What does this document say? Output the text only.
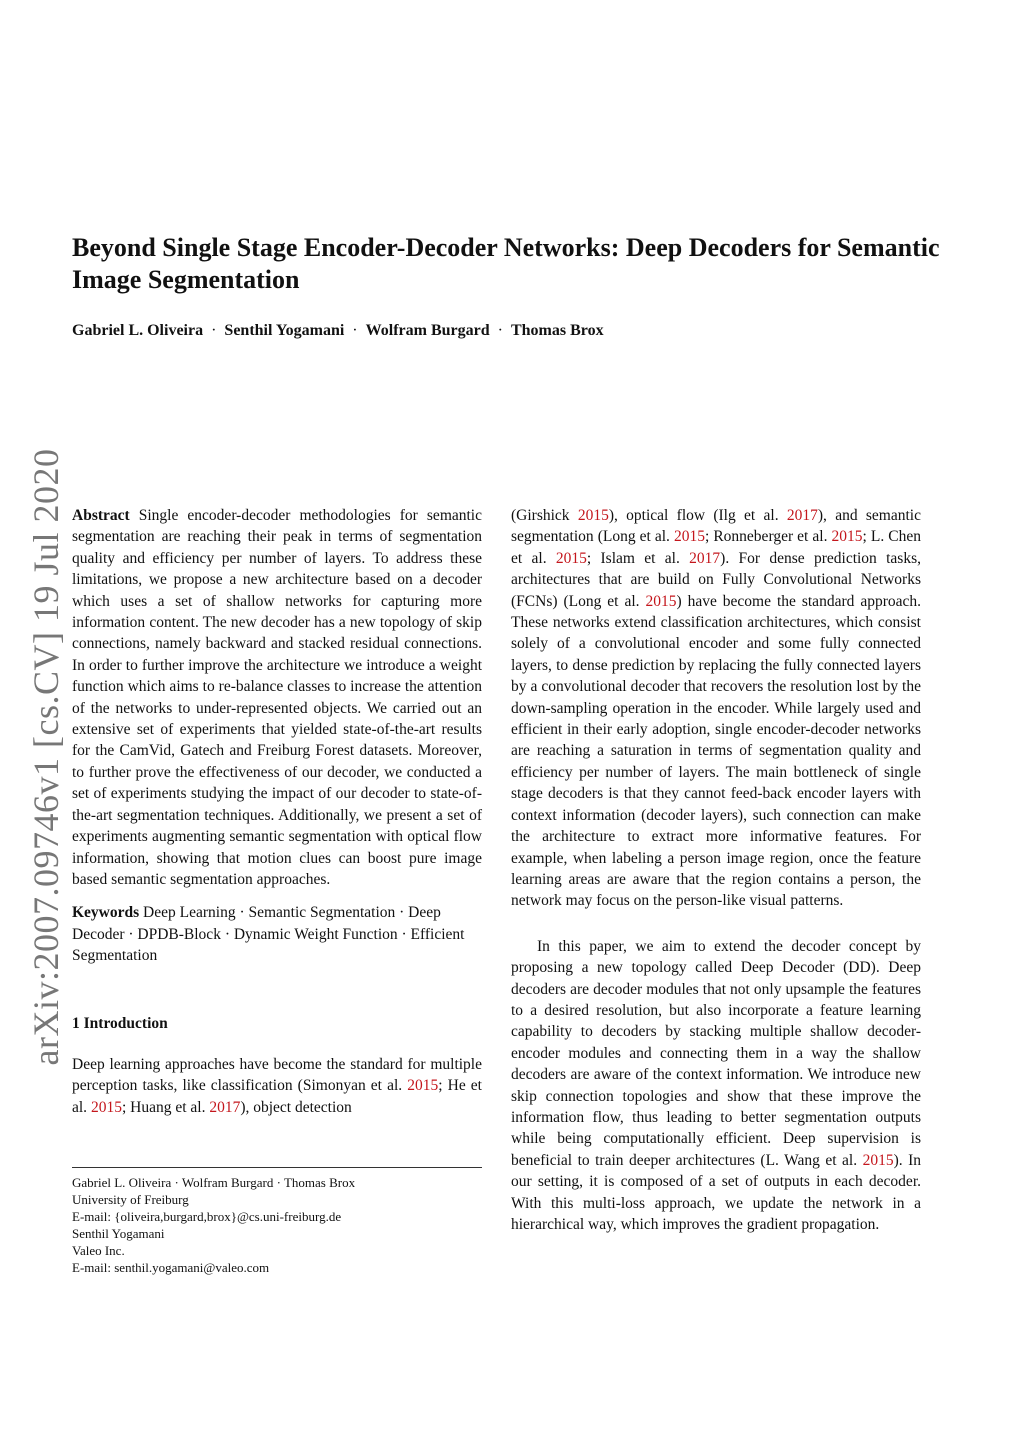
Beyond Single Stage Encoder-Decoder Networks: Deep Decoders for Semantic Image Segmentation
Gabriel L. Oliveira · Senthil Yogamani · Wolfram Burgard · Thomas Brox
arXiv:2007.09746v1 [cs.CV] 19 Jul 2020 Abstract Single encoder-decoder methodologies for semantic segmentation are reaching their peak in terms of segmentation quality and efficiency per number of layers. To address these limitations, we propose a new architecture based on a decoder which uses a set of shallow networks for capturing more information content. The new decoder has a new topology of skip connections, namely backward and stacked residual connections. In order to further improve the architecture we introduce a weight function which aims to re-balance classes to increase the attention of the networks to under-represented objects. We carried out an extensive set of experiments that yielded state-of-the-art results for the CamVid, Gatech and Freiburg Forest datasets. Moreover, to further prove the effectiveness of our decoder, we conducted a set of experiments studying the impact of our decoder to state-of-the-art segmentation techniques. Additionally, we present a set of experiments augmenting semantic segmentation with optical flow information, showing that motion clues can boost pure image based semantic segmentation approaches.

Keywords Deep Learning · Semantic Segmentation · Deep Decoder · DPDB-Block · Dynamic Weight Function · Efficient Segmentation

1 Introduction

Deep learning approaches have become the standard for multiple perception tasks, like classification (Simonyan et al. 2015; He et al. 2015; Huang et al. 2017), object detection

(Girshick 2015), optical flow (Ilg et al. 2017), and semantic segmentation (Long et al. 2015; Ronneberger et al. 2015; L. Chen et al. 2015; Islam et al. 2017). For dense prediction tasks, architectures that are build on Fully Convolutional Networks (FCNs) (Long et al. 2015) have become the standard approach. These networks extend classification architectures, which consist solely of a convolutional encoder and some fully connected layers, to dense prediction by replacing the fully connected layers by a convolutional decoder that recovers the resolution lost by the down-sampling operation in the encoder. While largely used and efficient in their early adoption, single encoder-decoder networks are reaching a saturation in terms of segmentation quality and efficiency per number of layers. The main bottleneck of single stage decoders is that they cannot feed-back encoder layers with context information (decoder layers), such connection can make the architecture to extract more informative features. For example, when labeling a person image region, once the feature learning areas are aware that the region contains a person, the network may focus on the person-like visual patterns.

In this paper, we aim to extend the decoder concept by proposing a new topology called Deep Decoder (DD). Deep decoders are decoder modules that not only upsample the features to a desired resolution, but also incorporate a feature learning capability to decoders by stacking multiple shallow decoder-encoder modules and connecting them in a way the shallow decoders are aware of the context information. We introduce new skip connection topologies and show that these improve the information flow, thus leading to better segmentation outputs while being computationally efficient. Deep supervision is beneficial to train deeper architectures (L. Wang et al. 2015). In our setting, it is composed of a set of outputs in each decoder. With this multi-loss approach, we update the network in a hierarchical way, which improves the gradient propagation.

Gabriel L. Oliveira · Wolfram Burgard · Thomas Brox
University of Freiburg
E-mail: {oliveira,burgard,brox}@cs.uni-freiburg.de
Senthil Yogamani
Valeo Inc.
E-mail: senthil.yogamani@valeo.com
